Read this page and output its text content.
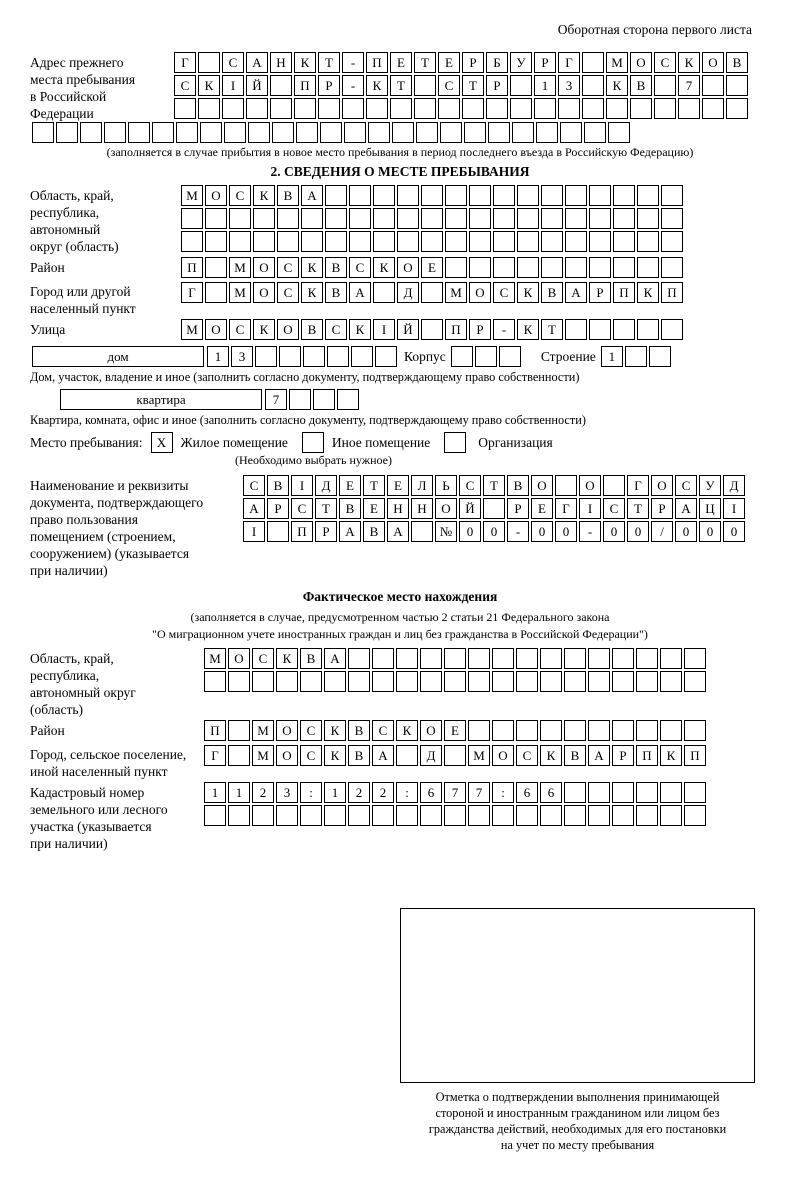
Оборотная сторона первого листа
Адрес прежнего
места пребывания
в Российской
Федерации
Г	С	А	Н	К	Т	-	П	Е	Т	Е	Р	Б	У	Р	Г	М	О	С	К	О	В
С	К	І	Й	П	Р	-	К	Т	С	Т	Р	1	3	К	В	7
(заполняется в случае прибытия в новое место пребывания в период последнего въезда в Российскую Федерацию)
2. СВЕДЕНИЯ О МЕСТЕ ПРЕБЫВАНИЯ
Область, край,
республика,
автономный
округ (область)
М	О	С	К	В	А
Район	П	М	О	С	К	В	С	К	О	Е
Город или другой
населенный пункт
Г	М	О	С	К	В	А	Д	М	О	С	К	В	А	Р	П	К	П
Улица	М	О	С	К	О	В	С	К	І	Й	П	Р	-	К	Т
дом	1	3	Корпус	Строение 1
Дом, участок, владение и иное (заполнить согласно документу, подтверждающему право собственности)
квартира	7
Квартира, комната, офис и иное (заполнить согласно документу, подтверждающему право собственности)
Место пребывания:	X	Жилое помещение	Иное помещение	Организация
(Необходимо выбрать нужное)
Наименование и реквизиты
документа, подтверждающего
право пользования
помещением (строением,
сооружением) (указывается
при наличии)
С	В	І	Д	Е	Т	Е	Л	Ь	С	Т	В	О	О	Г	О	С	У	Д
А	Р	С	Т	В	Е	Н	Н	О	Й	Р	Е	Г	І	С	Т	Р	А	Ц	І
І	П	Р	А	В	А	№	0	0	-	0	0	-	0	0	/	0	0	0
Фактическое место нахождения
(заполняется в случае, предусмотренном частью 2 статьи 21 Федерального закона
"О миграционном учете иностранных граждан и лиц без гражданства в Российской Федерации")
Область, край,
республика,
автономный округ
(область)
М	О	С	К	В	А
Район	П	М	О	С	К	В	С	К	О	Е
Город, сельское поселение,
иной населенный пункт
Г	М	О	С	К	В	А	Д	М	О	С	К	В	А	Р	П	К	П
Кадастровый номер
земельного или лесного
участка (указывается
при наличии)
1	1	2	3	:	1	2	2	:	6	7	7	:	6	6
Отметка о подтверждении выполнения принимающей
стороной и иностранным гражданином или лицом без
гражданства действий, необходимых для его постановки
на учет по месту пребывания
